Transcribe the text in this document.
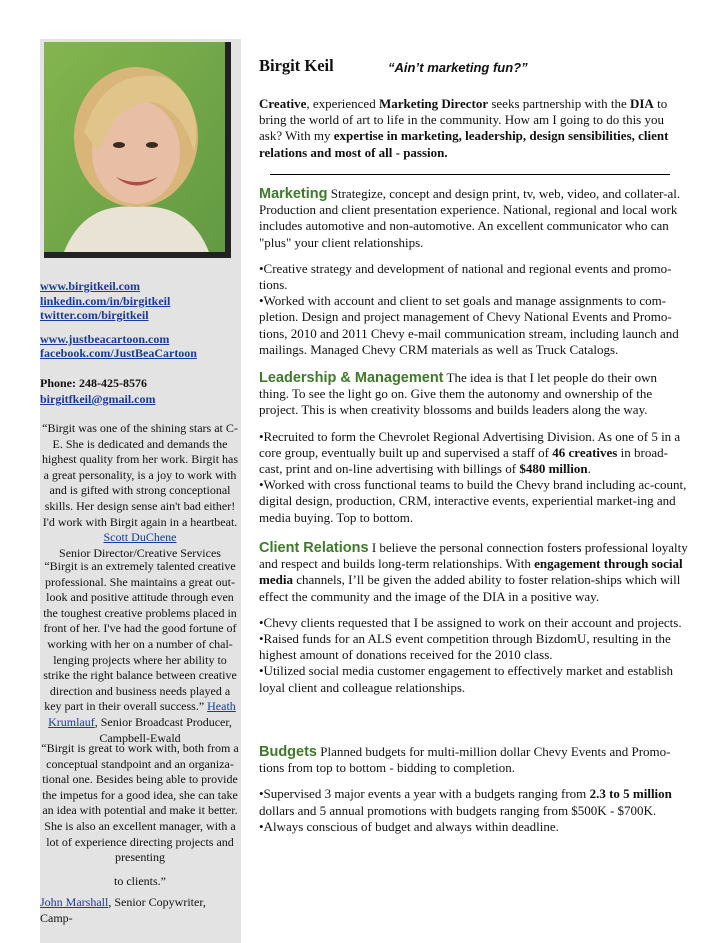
www.birgitkeil.com
linkedin.com/in/birgitkeil
twitter.com/birgitkeil
www.justbeacartoon.com
facebook.com/JustBeaCartoon
Phone: 248-425-8576
birgitfkeil@gmail.com
“Birgit was one of the shining stars at C-E. She is dedicated and demands the highest quality from her work. Birgit has a great personality, is a joy to work with and is gifted with strong conceptional skills. Her design sense ain't bad either! I'd work with Birgit again in a heartbeat.
Scott DuChene
Senior Director/Creative Services
“Birgit is an extremely talented creative professional. She maintains a great out-look and positive attitude through even the toughest creative problems placed in front of her. I've had the good fortune of working with her on a number of chal-lenging projects where her ability to strike the right balance between creative direction and business needs played a key part in their overall success.” Heath Krumlauf, Senior Broadcast Producer, Campbell-Ewald
“Birgit is great to work with, both from a conceptual standpoint and an organiza-tional one. Besides being able to provide the impetus for a good idea, she can take an idea with potential and make it better. She is also an excellent manager, with a lot of experience directing projects and presenting

to clients.”
John Marshall, Senior Copywriter, Camp-
Birgit Keil	“Ain’t marketing fun?”

Creative, experienced Marketing Director seeks partnership with the DIA to bring the world of art to life in the community. How am I going to do this you ask? With my expertise in marketing, leadership, design sensibilities, client relations and most of all - passion.

Marketing Strategize, concept and design print, tv, web, video, and collater-al. Production and client presentation experience. National, regional and local work includes automotive and non-automotive. An excellent communicator who can "plus" your client relationships.

•Creative strategy and development of national and regional events and promo-tions.

•Worked with account and client to set goals and manage assignments to com-pletion. Design and project management of Chevy National Events and Promo-tions, 2010 and 2011 Chevy e-mail communication stream, including launch and mailings. Managed Chevy CRM materials as well as Truck Catalogs.

Leadership & Management The idea is that I let people do their own thing. To see the light go on. Give them the autonomy and ownership of the project. This is when creativity blossoms and builds leaders along the way.

•Recruited to form the Chevrolet Regional Advertising Division. As one of 5 in a core group, eventually built up and supervised a staff of 46 creatives in broad-cast, print and on-line advertising with billings of $480 million.

•Worked with cross functional teams to build the Chevy brand including ac-count, digital design, production, CRM, interactive events, experiential market-ing and media buying. Top to bottom.

Client Relations I believe the personal connection fosters professional loyalty and respect and builds long-term relationships. With engagement through social media channels, I’ll be given the added ability to foster relation-ships which will effect the community and the image of the DIA in a positive way.

•Chevy clients requested that I be assigned to work on their account and projects.

•Raised funds for an ALS event competition through BizdomU, resulting in the highest amount of donations received for the 2010 class.

•Utilized social media customer engagement to effectively market and establish loyal client and colleague relationships.

Budgets Planned budgets for multi-million dollar Chevy Events and Promo-tions from top to bottom - bidding to completion.

•Supervised 3 major events a year with a budgets ranging from 2.3 to 5 million dollars and 5 annual promotions with budgets ranging from $500K - $700K.

•Always conscious of budget and always within deadline.
